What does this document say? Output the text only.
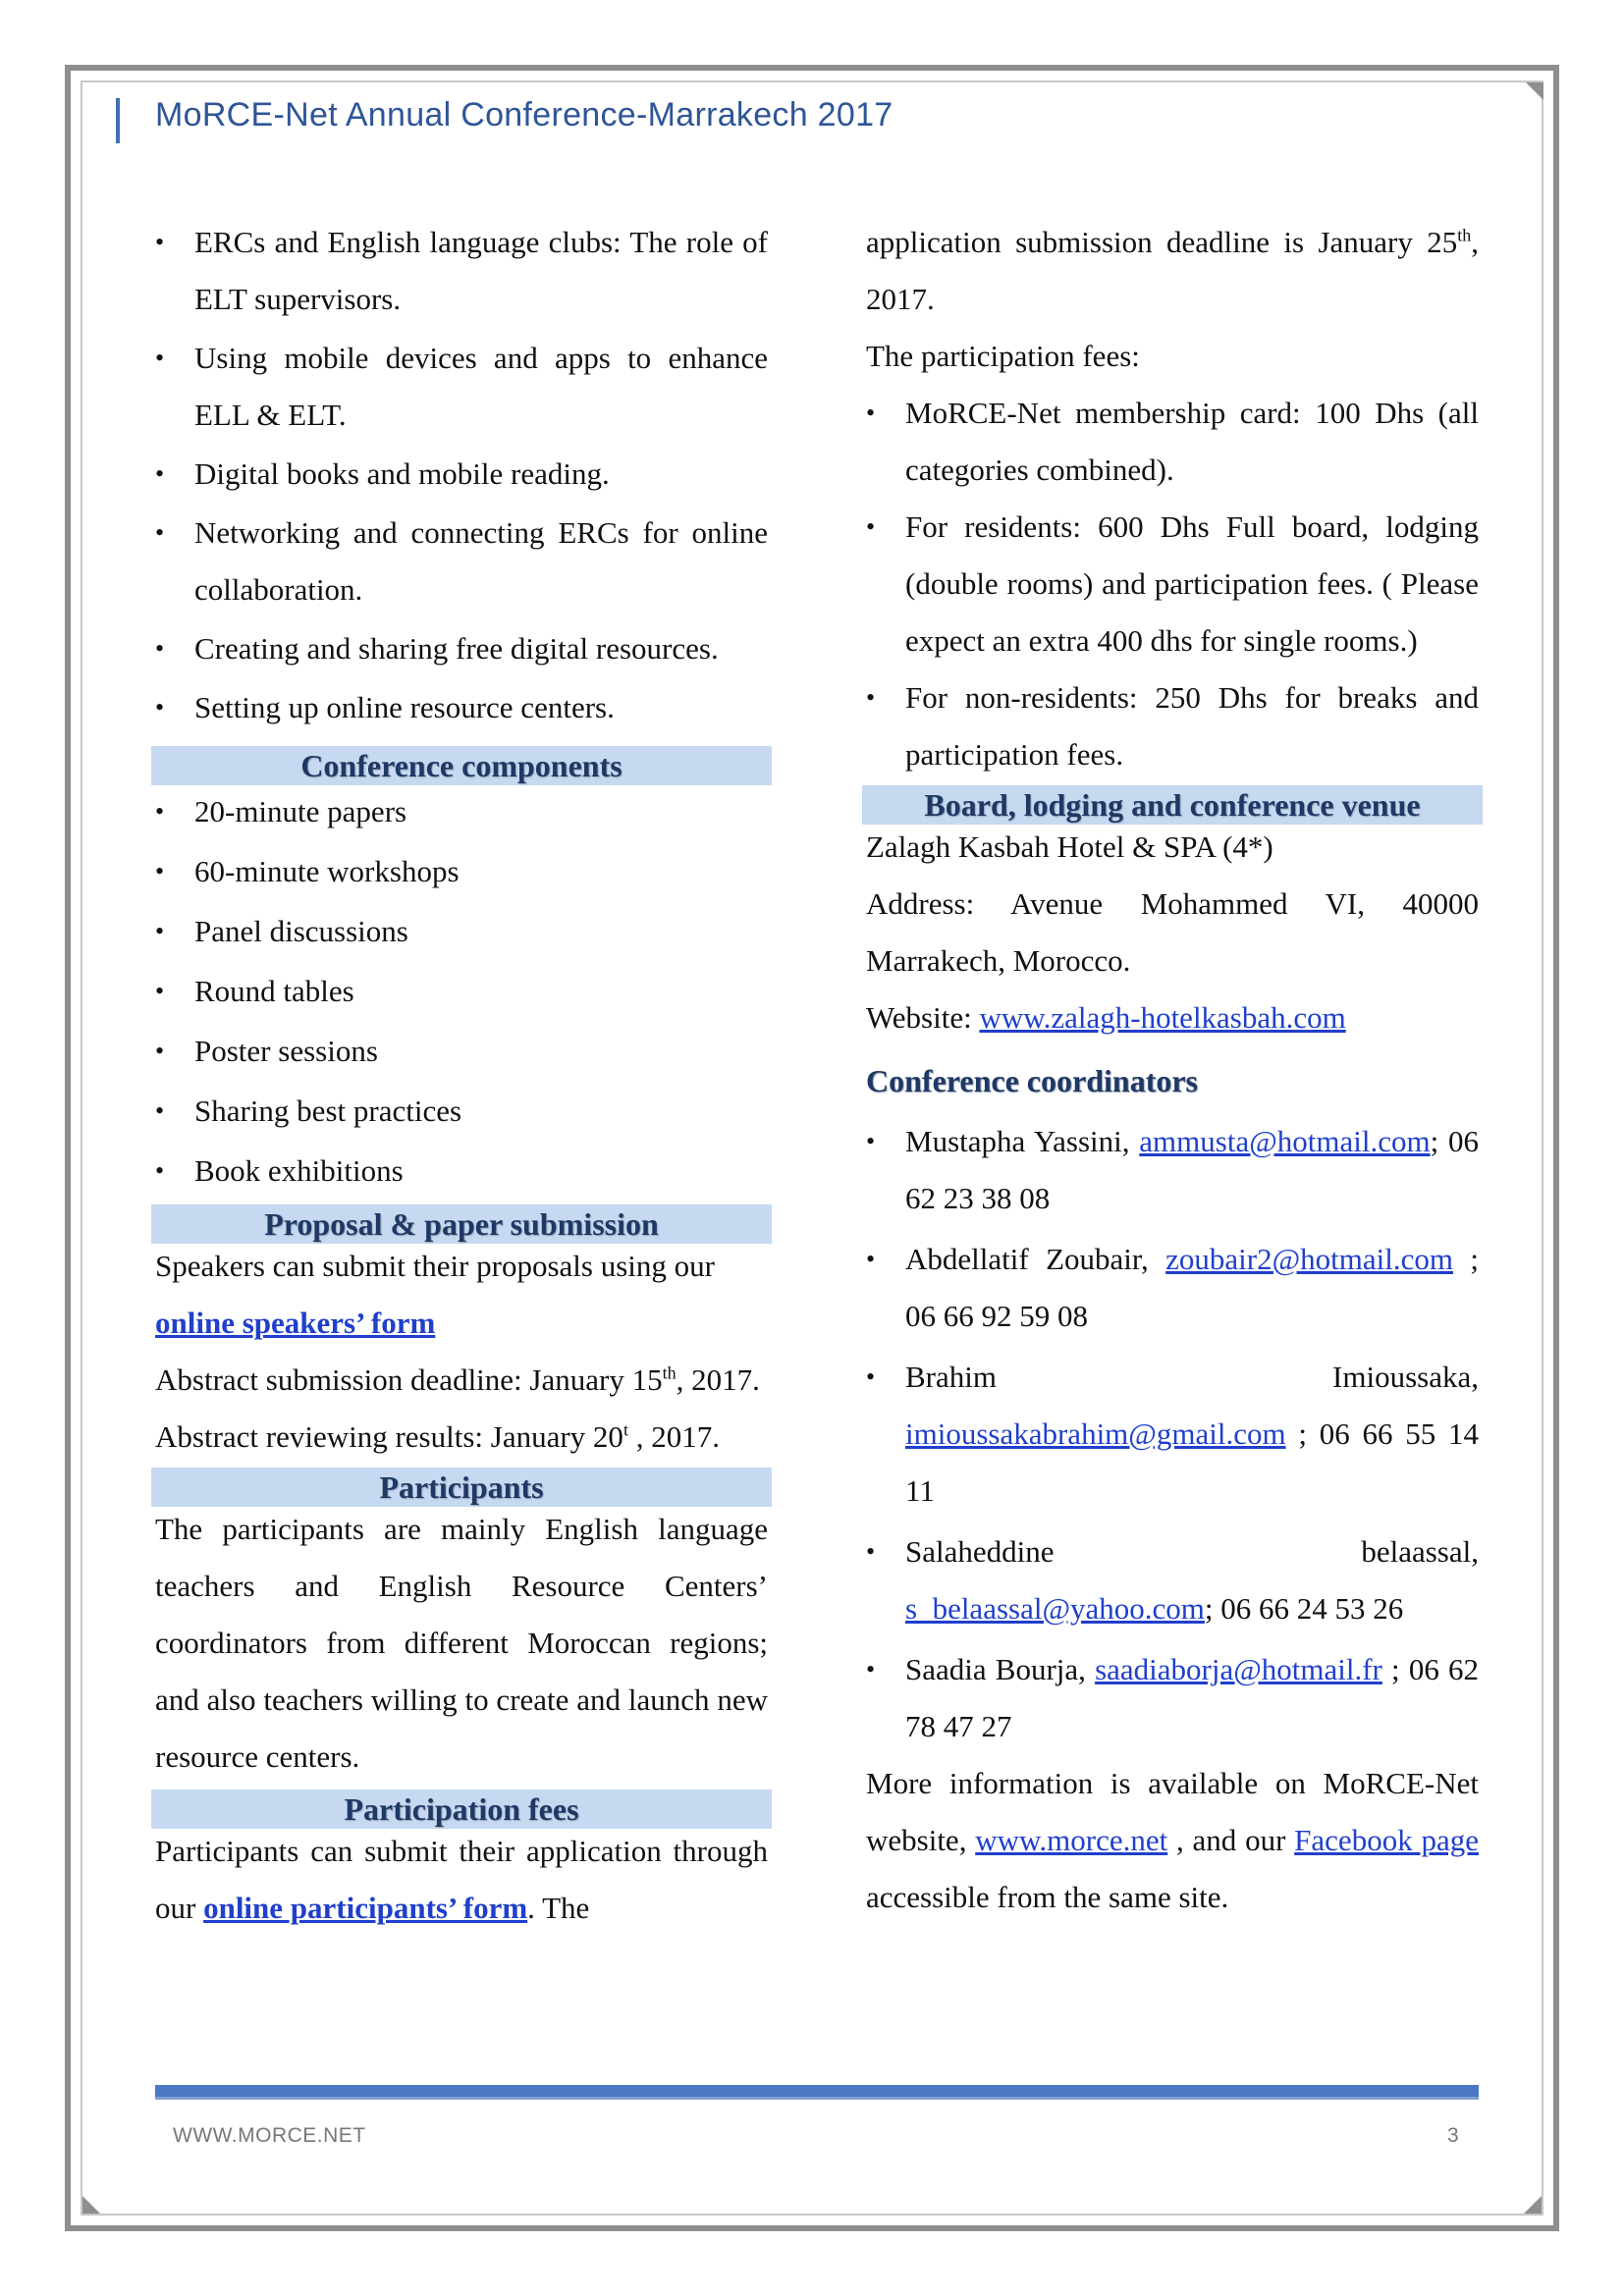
MoRCE-Net Annual Conference-Marrakech 2017

• ERCs and English language clubs: The role of ELT supervisors.

• Using mobile devices and apps to enhance ELL & ELT.

• Digital books and mobile reading.

• Networking and connecting ERCs for online collaboration.

• Creating and sharing free digital resources.

• Setting up online resource centers.

Conference components

• 20-minute papers

• 60-minute workshops

• Panel discussions

• Round tables

• Poster sessions

• Sharing best practices

• Book exhibitions

Proposal & paper submission

Speakers can submit their proposals using our

online speakers’ form

Abstract submission deadline: January 15th, 2017.

Abstract reviewing results: January 20$^t$ , 2017.

Participants

The participants are mainly English language teachers and English Resource Centers’ coordinators from different Moroccan regions; and also teachers willing to create and launch new resource centers.

Participation fees

Participants can submit their application through our online participants’ form. The

application submission deadline is January 25th, 2017.

The participation fees:

• MoRCE-Net membership card: 100 Dhs (all categories combined).

• For residents: 600 Dhs Full board, lodging (double rooms) and participation fees. ( Please expect an extra 400 dhs for single rooms.)

• For non-residents: 250 Dhs for breaks and participation fees.

Board, lodging and conference venue

Zalagh Kasbah Hotel & SPA (4*)

Address: Avenue Mohammed VI, 40000 Marrakech, Morocco.

Website: www.zalagh-hotelkasbah.com

Conference coordinators

• Mustapha Yassini, ammusta@hotmail.com; 06 62 23 38 08

• Abdellatif Zoubair, zoubair2@hotmail.com ; 06 66 92 59 08

• Brahim Imioussaka, imioussakabrahim@gmail.com ; 06 66 55 14 11

• Salaheddine belaassal, s_belaassal@yahoo.com; 06 66 24 53 26

• Saadia Bourja, saadiaborja@hotmail.fr ; 06 62 78 47 27

More information is available on MoRCE-Net website, www.morce.net , and our Facebook page accessible from the same site.

WWW.MORCE.NET	3
